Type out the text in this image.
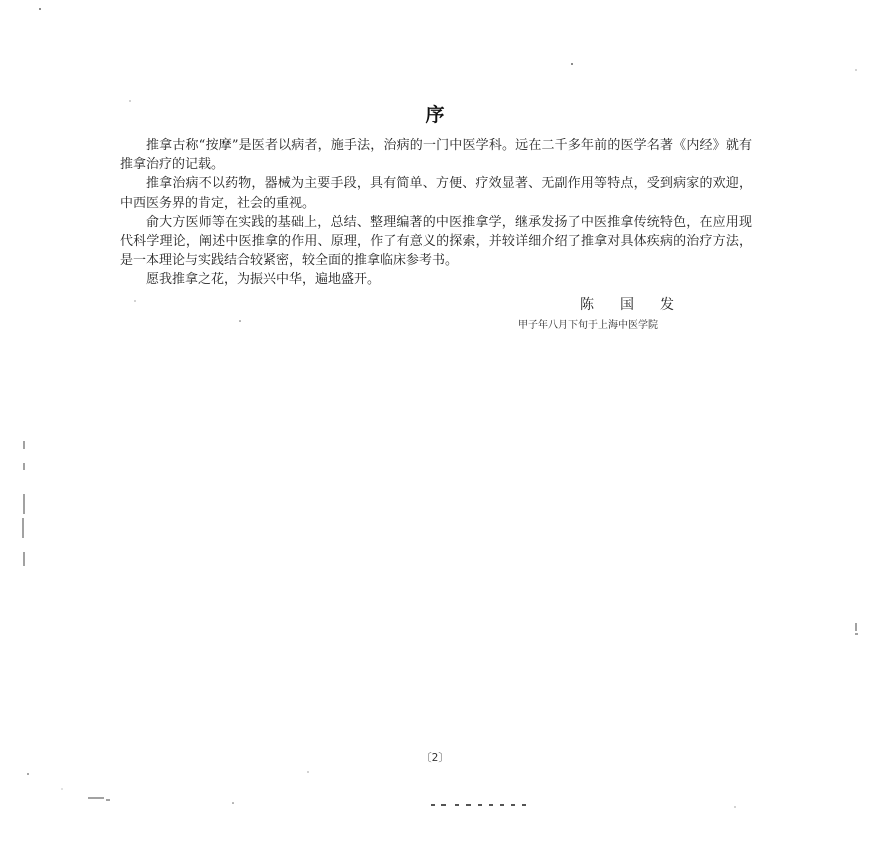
序

推拿古称“按摩”是医者以病者，施手法，治病的一门中医学科。远在二千多年前的医学名著《内经》就有推拿治疗的记载。

推拿治病不以药物，器械为主要手段，具有简单、方便、疗效显著、无副作用等特点，受到病家的欢迎，中西医务界的肯定，社会的重视。

俞大方医师等在实践的基础上，总结、整理编著的中医推拿学，继承发扬了中医推拿传统特色，在应用现代科学理论，阐述中医推拿的作用、原理，作了有意义的探索，并较详细介绍了推拿对具体疾病的治疗方法，是一本理论与实践结合较紧密，较全面的推拿临床参考书。

愿我推拿之花，为振兴中华，遍地盛开。

陈国发
甲子年八月下旬于上海中医学院
〔2〕
